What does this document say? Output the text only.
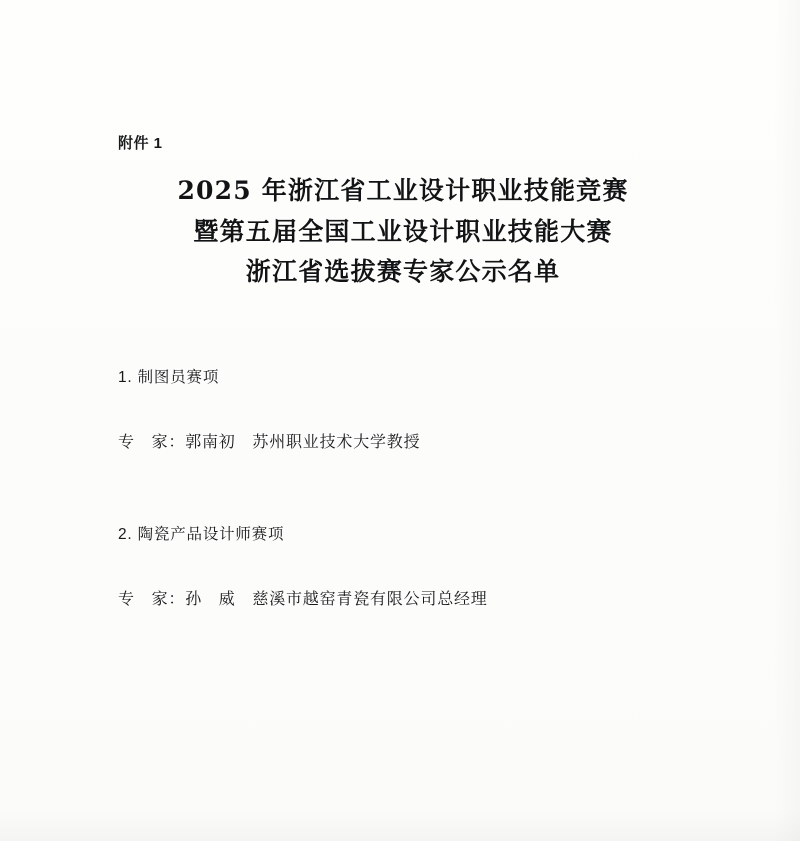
附件 1
2025 年浙江省工业设计职业技能竞赛
暨第五届全国工业设计职业技能大赛
浙江省选拔赛专家公示名单

1. 制图员赛项

专　家：郭南初　苏州职业技术大学教授

2. 陶瓷产品设计师赛项

专　家：孙　威　慈溪市越窑青瓷有限公司总经理
